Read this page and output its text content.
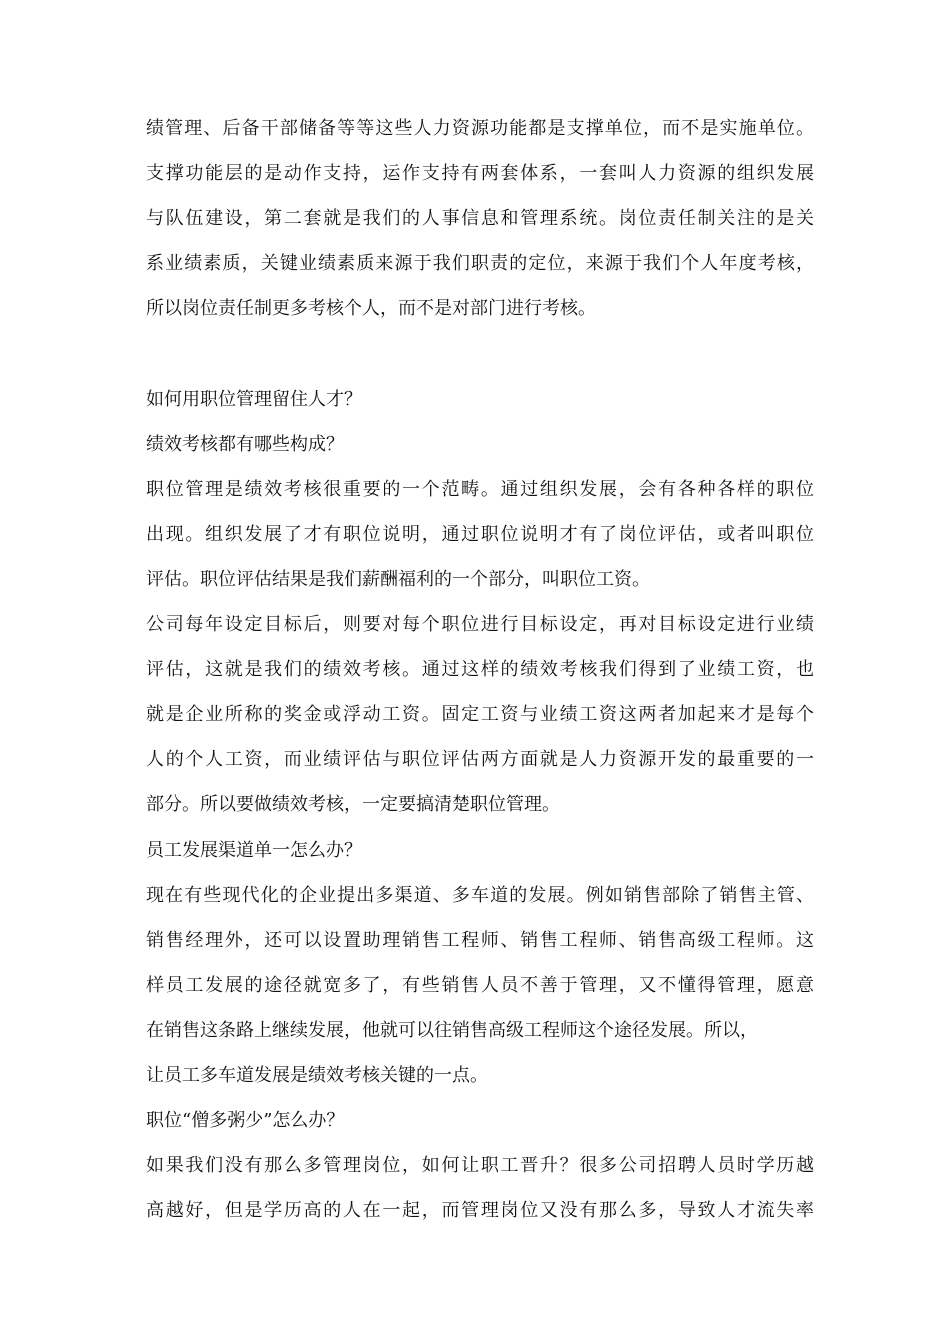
绩管理、后备干部储备等等这些人力资源功能都是支撑单位，而不是实施单位。
支撑功能层的是动作支持，运作支持有两套体系，一套叫人力资源的组织发展
与队伍建设，第二套就是我们的人事信息和管理系统。岗位责任制关注的是关
系业绩素质，关键业绩素质来源于我们职责的定位，来源于我们个人年度考核，
所以岗位责任制更多考核个人，而不是对部门进行考核。
如何用职位管理留住人才？
绩效考核都有哪些构成？
职位管理是绩效考核很重要的一个范畴。通过组织发展，会有各种各样的职位
出现。组织发展了才有职位说明，通过职位说明才有了岗位评估，或者叫职位
评估。职位评估结果是我们薪酬福利的一个部分，叫职位工资。
公司每年设定目标后，则要对每个职位进行目标设定，再对目标设定进行业绩
评估，这就是我们的绩效考核。通过这样的绩效考核我们得到了业绩工资，也
就是企业所称的奖金或浮动工资。固定工资与业绩工资这两者加起来才是每个
人的个人工资，而业绩评估与职位评估两方面就是人力资源开发的最重要的一
部分。所以要做绩效考核，一定要搞清楚职位管理。
员工发展渠道单一怎么办？
现在有些现代化的企业提出多渠道、多车道的发展。例如销售部除了销售主管、
销售经理外，还可以设置助理销售工程师、销售工程师、销售高级工程师。这
样员工发展的途径就宽多了，有些销售人员不善于管理，又不懂得管理，愿意
在销售这条路上继续发展，他就可以往销售高级工程师这个途径发展。所以，
让员工多车道发展是绩效考核关键的一点。
职位“僧多粥少”怎么办？
如果我们没有那么多管理岗位，如何让职工晋升？很多公司招聘人员时学历越
高越好，但是学历高的人在一起，而管理岗位又没有那么多，导致人才流失率
